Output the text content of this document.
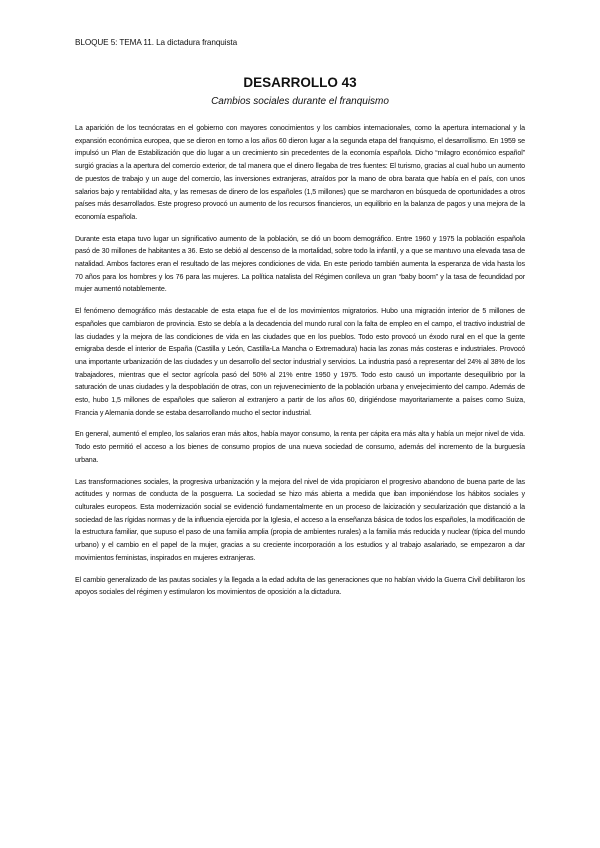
BLOQUE 5: TEMA 11. La dictadura franquista
DESARROLLO 43
Cambios sociales durante el franquismo

La aparición de los tecnócratas en el gobierno con mayores conocimientos y los cambios internacionales, como la apertura internacional y la expansión económica europea, que se dieron en torno a los años 60 dieron lugar a la segunda etapa del franquismo, el desarrollismo. En 1959 se impulsó un Plan de Estabilización que dio lugar a un crecimiento sin precedentes de la economía española. Dicho “milagro económico español” surgió gracias a la apertura del comercio exterior, de tal manera que el dinero llegaba de tres fuentes: El turismo, gracias al cual hubo un aumento de puestos de trabajo y un auge del comercio, las inversiones extranjeras, atraídos por la mano de obra barata que había en el país, con unos salarios bajo y rentabilidad alta, y las remesas de dinero de los españoles (1,5 millones) que se marcharon en búsqueda de oportunidades a otros países más desarrollados. Este progreso provocó un aumento de los recursos financieros, un equilibrio en la balanza de pagos y una mejora de la economía española.

Durante esta etapa tuvo lugar un significativo aumento de la población, se dió un boom demográfico. Entre 1960 y 1975 la población española pasó de 30 millones de habitantes a 36. Esto se debió al descenso de la mortalidad, sobre todo la infantil, y a que se mantuvo una elevada tasa de natalidad. Ambos factores eran el resultado de las mejores condiciones de vida. En este periodo también aumenta la esperanza de vida hasta los 70 años para los hombres y los 76 para las mujeres. La política natalista del Régimen conlleva un gran “baby boom” y la tasa de fecundidad por mujer aumentó notablemente.

El fenómeno demográfico más destacable de esta etapa fue el de los movimientos migratorios. Hubo una migración interior de 5 millones de españoles que cambiaron de provincia. Esto se debía a la decadencia del mundo rural con la falta de empleo en el campo, el tractivo industrial de las ciudades y la mejora de las condiciones de vida en las ciudades que en los pueblos. Todo esto provocó un éxodo rural en el que la gente emigraba desde el interior de España (Castilla y León, Castilla-La Mancha o Extremadura) hacia las zonas más costeras e industriales. Provocó una importante urbanización de las ciudades y un desarrollo del sector industrial y servicios. La industria pasó a representar del 24% al 38% de los trabajadores, mientras que el sector agrícola pasó del 50% al 21% entre 1950 y 1975. Todo esto causó un importante desequilibrio por la saturación de unas ciudades y la despoblación de otras, con un rejuvenecimiento de la población urbana y envejecimiento del campo. Además de esto, hubo 1,5 millones de españoles que salieron al extranjero a partir de los años 60, dirigiéndose mayoritariamente a países como Suiza, Francia y Alemania donde se estaba desarrollando mucho el sector industrial.

En general, aumentó el empleo, los salarios eran más altos, había mayor consumo, la renta per cápita era más alta y había un mejor nivel de vida. Todo esto permitió el acceso a los bienes de consumo propios de una nueva sociedad de consumo, además del incremento de la burguesía urbana.

Las transformaciones sociales, la progresiva urbanización y la mejora del nivel de vida propiciaron el progresivo abandono de buena parte de las actitudes y normas de conducta de la posguerra. La sociedad se hizo más abierta a medida que iban imponiéndose los hábitos sociales y culturales europeos. Esta modernización social se evidenció fundamentalmente en un proceso de laicización y secularización que distanció a la sociedad de las rígidas normas y de la influencia ejercida por la Iglesia, el acceso a la enseñanza básica de todos los españoles, la modificación de la estructura familiar, que supuso el paso de una familia amplia (propia de ambientes rurales) a la familia más reducida y nuclear (típica del mundo urbano) y el cambio en el papel de la mujer, gracias a su creciente incorporación a los estudios y al trabajo asalariado, se empezaron a dar movimientos feministas, inspirados en mujeres extranjeras.

El cambio generalizado de las pautas sociales y la llegada a la edad adulta de las generaciones que no habían vivido la Guerra Civil debilitaron los apoyos sociales del régimen y estimularon los movimientos de oposición a la dictadura.
